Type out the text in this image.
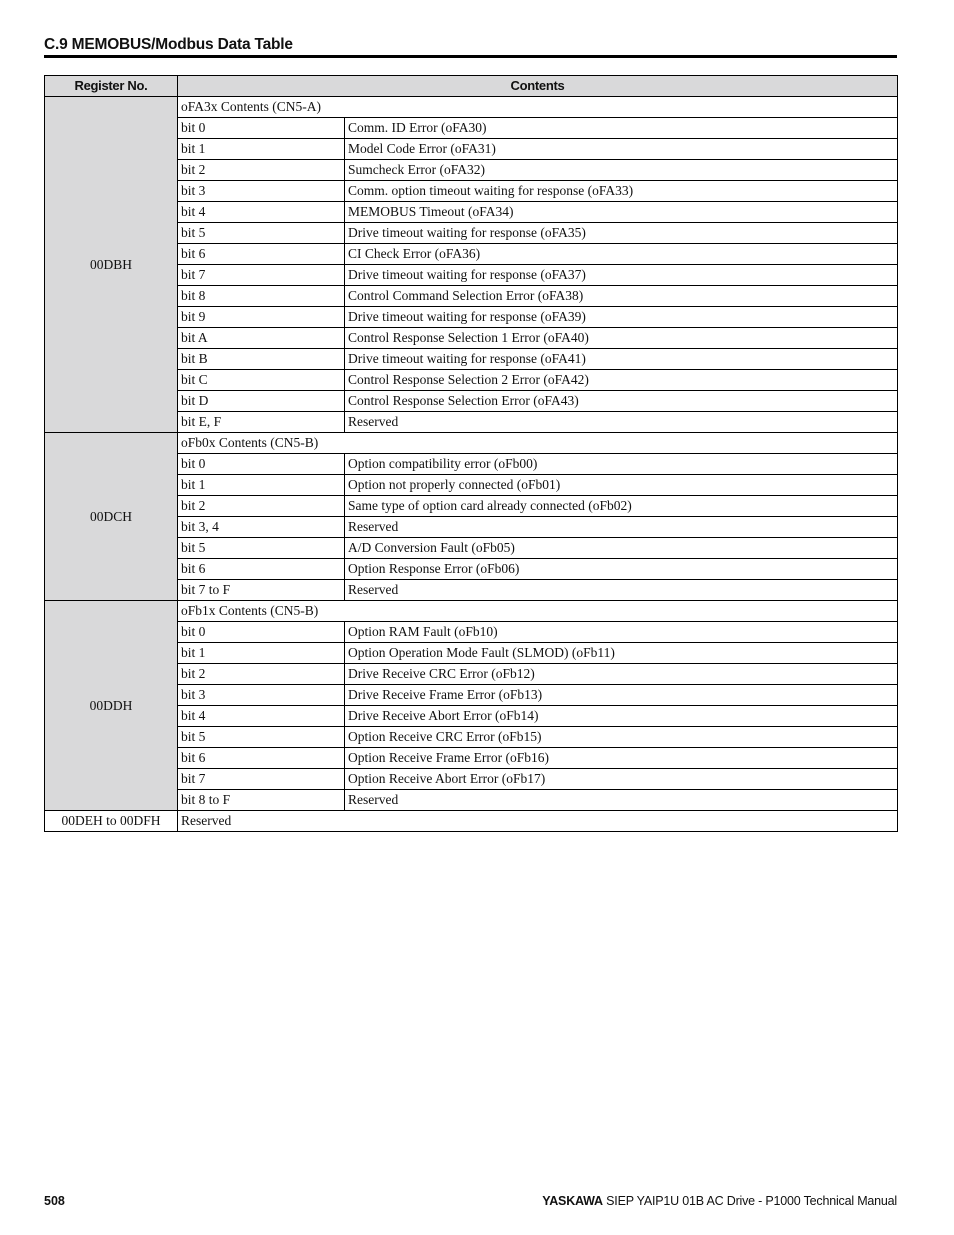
C.9 MEMOBUS/Modbus Data Table
Register No.	Contents	
00DBH	oFA3x Contents (CN5-A)	
	bit 0	Comm. ID Error (oFA30)
	bit 1	Model Code Error (oFA31)
	bit 2	Sumcheck Error (oFA32)
	bit 3	Comm. option timeout waiting for response (oFA33)
	bit 4	MEMOBUS Timeout (oFA34)
	bit 5	Drive timeout waiting for response (oFA35)
	bit 6	CI Check Error (oFA36)
	bit 7	Drive timeout waiting for response (oFA37)
	bit 8	Control Command Selection Error (oFA38)
	bit 9	Drive timeout waiting for response (oFA39)
	bit A	Control Response Selection 1 Error (oFA40)
	bit B	Drive timeout waiting for response (oFA41)
	bit C	Control Response Selection 2 Error (oFA42)
	bit D	Control Response Selection Error (oFA43)
	bit E, F	Reserved
00DCH	oFb0x Contents (CN5-B)	
	bit 0	Option compatibility error (oFb00)
	bit 1	Option not properly connected (oFb01)
	bit 2	Same type of option card already connected (oFb02)
	bit 3, 4	Reserved
	bit 5	A/D Conversion Fault (oFb05)
	bit 6	Option Response Error (oFb06)
	bit 7 to F	Reserved
00DDH	oFb1x Contents (CN5-B)	
	bit 0	Option RAM Fault (oFb10)
	bit 1	Option Operation Mode Fault (SLMOD) (oFb11)
	bit 2	Drive Receive CRC Error (oFb12)
	bit 3	Drive Receive Frame Error (oFb13)
	bit 4	Drive Receive Abort Error (oFb14)
	bit 5	Option Receive CRC Error (oFb15)
	bit 6	Option Receive Frame Error (oFb16)
	bit 7	Option Receive Abort Error (oFb17)
	bit 8 to F	Reserved
00DEH to 00DFH	Reserved	
508	YASKAWA SIEP YAIP1U 01B AC Drive - P1000 Technical Manual
